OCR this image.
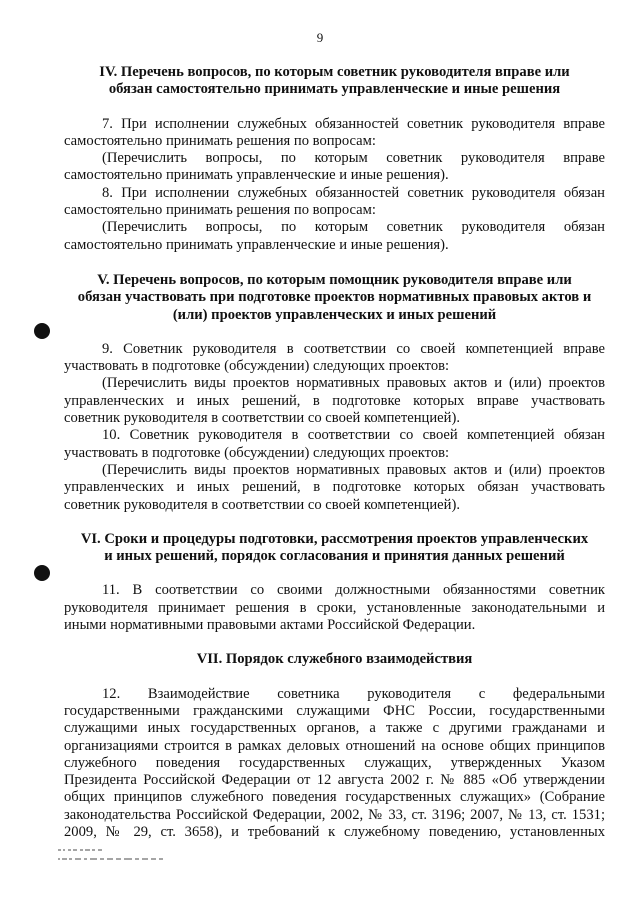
9
IV. Перечень вопросов, по которым советник руководителя вправе или
обязан самостоятельно принимать управленческие и иные решения

7. При исполнении служебных обязанностей советник руководителя вправе
самостоятельно принимать решения по вопросам:

(Перечислить вопросы, по которым советник руководителя вправе
самостоятельно принимать управленческие и иные решения).

8. При исполнении служебных обязанностей советник руководителя обязан
самостоятельно принимать решения по вопросам:

(Перечислить вопросы, по которым советник руководителя обязан
самостоятельно принимать управленческие и иные решения).

V. Перечень вопросов, по которым помощник руководителя вправе или
обязан участвовать при подготовке проектов нормативных правовых актов и
(или) проектов управленческих и иных решений

9. Советник руководителя в соответствии со своей компетенцией вправе
участвовать в подготовке (обсуждении) следующих проектов:

(Перечислить виды проектов нормативных правовых актов и (или) проектов
управленческих и иных решений, в подготовке которых вправе участвовать
советник руководителя в соответствии со своей компетенцией).

10. Советник руководителя в соответствии со своей компетенцией обязан
участвовать в подготовке (обсуждении) следующих проектов:

(Перечислить виды проектов нормативных правовых актов и (или) проектов
управленческих и иных решений, в подготовке которых обязан участвовать
советник руководителя в соответствии со своей компетенцией).

VI. Сроки и процедуры подготовки, рассмотрения проектов управленческих
и иных решений, порядок согласования и принятия данных решений

11. В соответствии со своими должностными обязанностями советник
руководителя принимает решения в сроки, установленные законодательными и
иными нормативными правовыми актами Российской Федерации.

VII. Порядок служебного взаимодействия

12. Взаимодействие советника руководителя с федеральными
государственными гражданскими служащими ФНС России, государственными
служащими иных государственных органов, а также с другими гражданами и
организациями строится в рамках деловых отношений на основе общих принципов
служебного поведения государственных служащих, утвержденных Указом
Президента Российской Федерации от 12 августа 2002 г. № 885 «Об утверждении
общих принципов служебного поведения государственных служащих» (Собрание
законодательства Российской Федерации, 2002, № 33, ст. 3196; 2007, № 13, ст. 1531;
2009, № 29, ст. 3658), и требований к служебному поведению, установленных
